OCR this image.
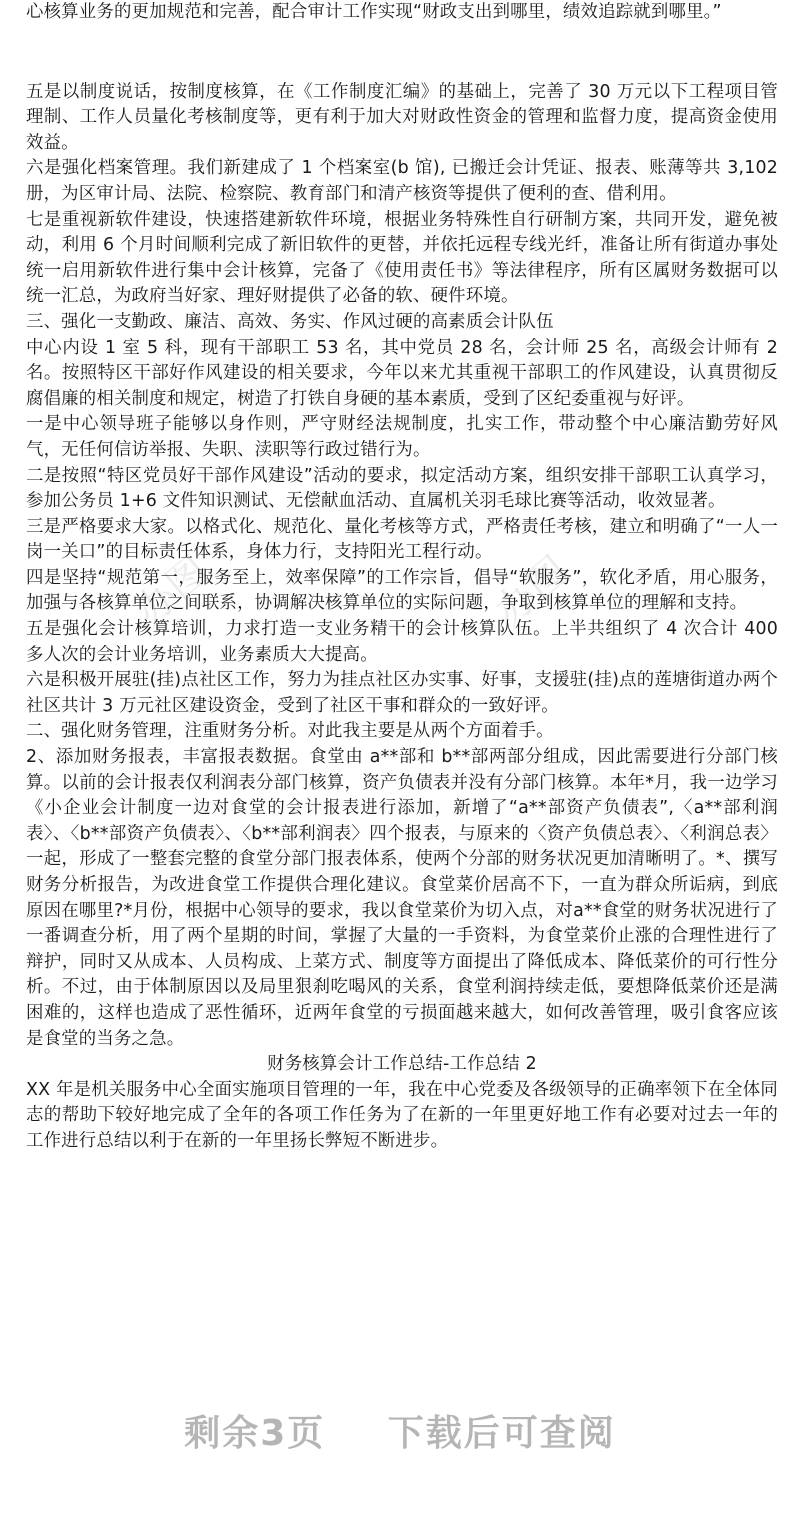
办图	办图

心核算业务的更加规范和完善，配合审计工作实现“财政支出到哪里，绩效追踪就到哪里。”

五是以制度说话，按制度核算，在《工作制度汇编》的基础上，完善了 30 万元以下工程项目管理制、工作人员量化考核制度等，更有利于加大对财政性资金的管理和监督力度，提高资金使用效益。

六是强化档案管理。我们新建成了 1 个档案室(b 馆), 已搬迁会计凭证、报表、账薄等共 3,102 册，为区审计局、法院、检察院、教育部门和清产核资等提供了便利的查、借利用。

七是重视新软件建设，快速搭建新软件环境，根据业务特殊性自行研制方案，共同开发，避免被动，利用 6 个月时间顺利完成了新旧软件的更替，并依托远程专线光纤，准备让所有街道办事处统一启用新软件进行集中会计核算，完备了《使用责任书》等法律程序，所有区属财务数据可以统一汇总，为政府当好家、理好财提供了必备的软、硬件环境。

三、强化一支勤政、廉洁、高效、务实、作风过硬的高素质会计队伍

中心内设 1 室 5 科，现有干部职工 53 名，其中党员 28 名，会计师 25 名，高级会计师有 2 名。按照特区干部好作风建设的相关要求，今年以来尤其重视干部职工的作风建设，认真贯彻反腐倡廉的相关制度和规定，树造了打铁自身硬的基本素质，受到了区纪委重视与好评。

一是中心领导班子能够以身作则，严守财经法规制度，扎实工作，带动整个中心廉洁勤劳好风气，无任何信访举报、失职、渎职等行政过错行为。

二是按照“特区党员好干部作风建设”活动的要求，拟定活动方案，组织安排干部职工认真学习，参加公务员 1+6 文件知识测试、无偿献血活动、直属机关羽毛球比赛等活动，收效显著。

三是严格要求大家。以格式化、规范化、量化考核等方式，严格责任考核，建立和明确了“一人一岗一关口”的目标责任体系，身体力行，支持阳光工程行动。

四是坚持“规范第一，服务至上，效率保障”的工作宗旨，倡导“软服务”，软化矛盾，用心服务，加强与各核算单位之间联系，协调解决核算单位的实际问题，争取到核算单位的理解和支持。

五是强化会计核算培训，力求打造一支业务精干的会计核算队伍。上半共组织了 4 次合计 400 多人次的会计业务培训，业务素质大大提高。

六是积极开展驻(挂)点社区工作，努力为挂点社区办实事、好事，支援驻(挂)点的莲塘街道办两个社区共计 3 万元社区建设资金，受到了社区干事和群众的一致好评。

二、强化财务管理，注重财务分析。对此我主要是从两个方面着手。

2、添加财务报表，丰富报表数据。食堂由 a**部和 b**部两部分组成，因此需要进行分部门核算。以前的会计报表仅利润表分部门核算，资产负债表并没有分部门核算。本年*月，我一边学习《小企业会计制度一边对食堂的会计报表进行添加，新增了“a**部资产负债表”,〈a**部利润表〉、〈b**部资产负债表〉、〈b**部利润表〉四个报表，与原来的〈资产负债总表〉、〈利润总表〉一起，形成了一整套完整的食堂分部门报表体系，使两个分部的财务状况更加清晰明了。*、撰写财务分析报告，为改进食堂工作提供合理化建议。食堂菜价居高不下，一直为群众所诟病，到底原因在哪里?*月份，根据中心领导的要求，我以食堂菜价为切入点，对a**食堂的财务状况进行了一番调查分析，用了两个星期的时间，掌握了大量的一手资料，为食堂菜价止涨的合理性进行了辩护，同时又从成本、人员构成、上菜方式、制度等方面提出了降低成本、降低菜价的可行性分析。不过，由于体制原因以及局里狠刹吃喝风的关系，食堂利润持续走低，要想降低菜价还是满困难的，这样也造成了恶性循环，近两年食堂的亏损面越来越大，如何改善管理，吸引食客应该是食堂的当务之急。

财务核算会计工作总结-工作总结 2

XX 年是机关服务中心全面实施项目管理的一年，我在中心党委及各级领导的正确率领下在全体同志的帮助下较好地完成了全年的各项工作任务为了在新的一年里更好地工作有必要对过去一年的工作进行总结以利于在新的一年里扬长弊短不断进步。

剩余3页 下载后可查阅
